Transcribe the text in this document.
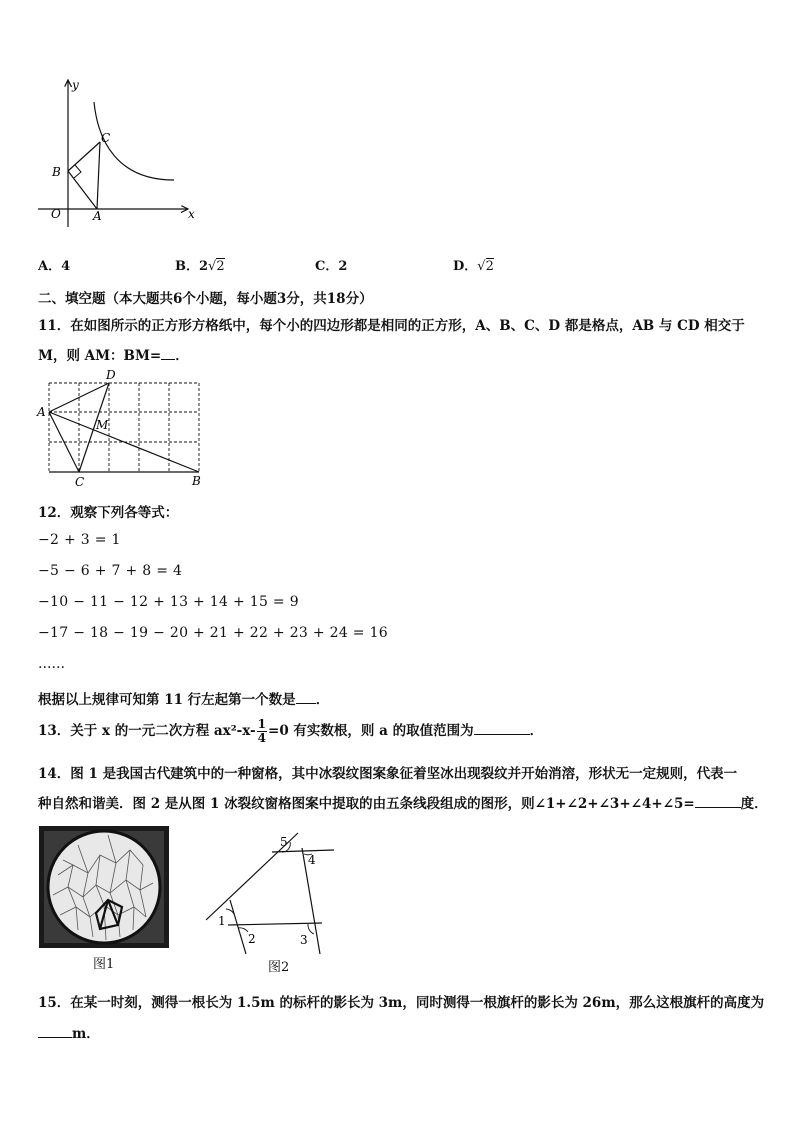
y
x
O	A
B
C
A．4	B．2√2	C．2	D．√2
二、填空题（本大题共6个小题，每小题3分，共18分）
11．在如图所示的正方形方格纸中，每个小的四边形都是相同的正方形，A、B、C、D 都是格点，AB 与 CD 相交于
M，则 AM：BM= ．
D
A
M
C	B
12．观察下列各等式：
−2 + 3 = 1
−5 − 6 + 7 + 8 = 4
−10 − 11 − 12 + 13 + 14 + 15 = 9
−17 − 18 − 19 − 20 + 21 + 22 + 23 + 24 = 16
……
根据以上规律可知第 11 行左起第一个数是 ．
13．关于 x 的一元二次方程 $ax^2-x- \frac{1}{4} =0$ 有实数根，则 a 的取值范围为	．
14．图 1 是我国古代建筑中的一种窗格，其中冰裂纹图案象征着坚冰出现裂纹并开始消溶，形状无一定规则，代表一
种自然和谐美．图 2 是从图 1 冰裂纹窗格图案中提取的由五条线段组成的图形，则∠1+∠2+∠3+∠4+∠5=	度．
图1
1
2	3
4
5
图2
15．在某一时刻，测得一根长为 1.5m 的标杆的影长为 3m，同时测得一根旗杆的影长为 26m，那么这根旗杆的高度为
m．
